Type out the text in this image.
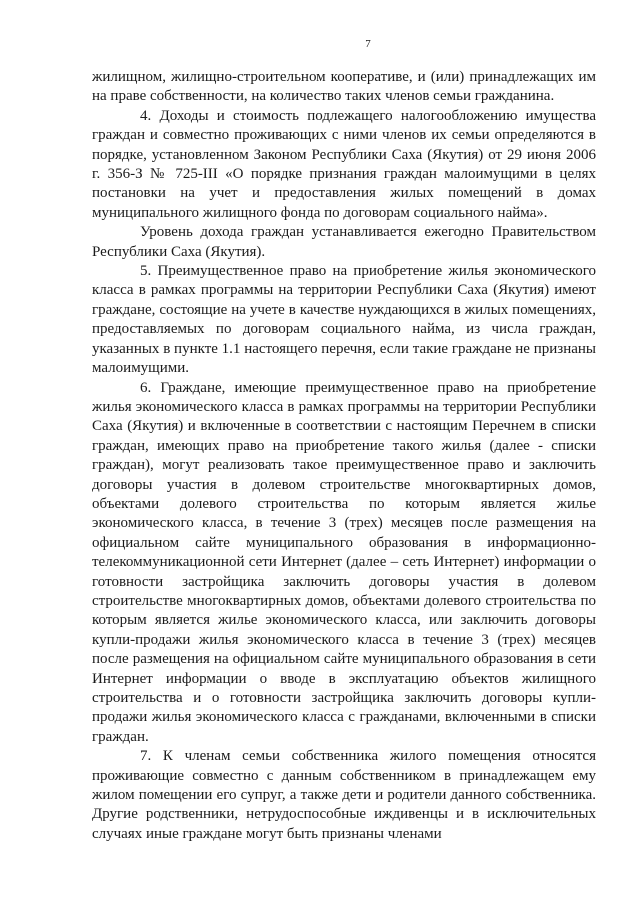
7

жилищном, жилищно-строительном кооперативе, и (или) принадлежащих им на праве собственности, на количество таких членов семьи гражданина.

4. Доходы и стоимость подлежащего налогообложению имущества граждан и совместно проживающих с ними членов их семьи определяются в порядке, установленном Законом Республики Саха (Якутия) от 29 июня 2006 г. 356-З № 725-III «О порядке признания граждан малоимущими в целях постановки на учет и предоставления жилых помещений в домах муниципального жилищного фонда по договорам социального найма».

Уровень дохода граждан устанавливается ежегодно Правительством Республики Саха (Якутия).

5. Преимущественное право на приобретение жилья экономического класса в рамках программы на территории Республики Саха (Якутия) имеют граждане, состоящие на учете в качестве нуждающихся в жилых помещениях, предоставляемых по договорам социального найма, из числа граждан, указанных в пункте 1.1 настоящего перечня, если такие граждане не признаны малоимущими.

6. Граждане, имеющие преимущественное право на приобретение жилья экономического класса в рамках программы на территории Республики Саха (Якутия) и включенные в соответствии с настоящим Перечнем в списки граждан, имеющих право на приобретение такого жилья (далее - списки граждан), могут реализовать такое преимущественное право и заключить договоры участия в долевом строительстве многоквартирных домов, объектами долевого строительства по которым является жилье экономического класса, в течение 3 (трех) месяцев после размещения на официальном сайте муниципального образования в информационно-телекоммуникационной сети Интернет (далее – сеть Интернет) информации о готовности застройщика заключить договоры участия в долевом строительстве многоквартирных домов, объектами долевого строительства по которым является жилье экономического класса, или заключить договоры купли-продажи жилья экономического класса в течение 3 (трех) месяцев после размещения на официальном сайте муниципального образования в сети Интернет информации о вводе в эксплуатацию объектов жилищного строительства и о готовности застройщика заключить договоры купли-продажи жилья экономического класса с гражданами, включенными в списки граждан.

7. К членам семьи собственника жилого помещения относятся проживающие совместно с данным собственником в принадлежащем ему жилом помещении его супруг, а также дети и родители данного собственника. Другие родственники, нетрудоспособные иждивенцы и в исключительных случаях иные граждане могут быть признаны членами
